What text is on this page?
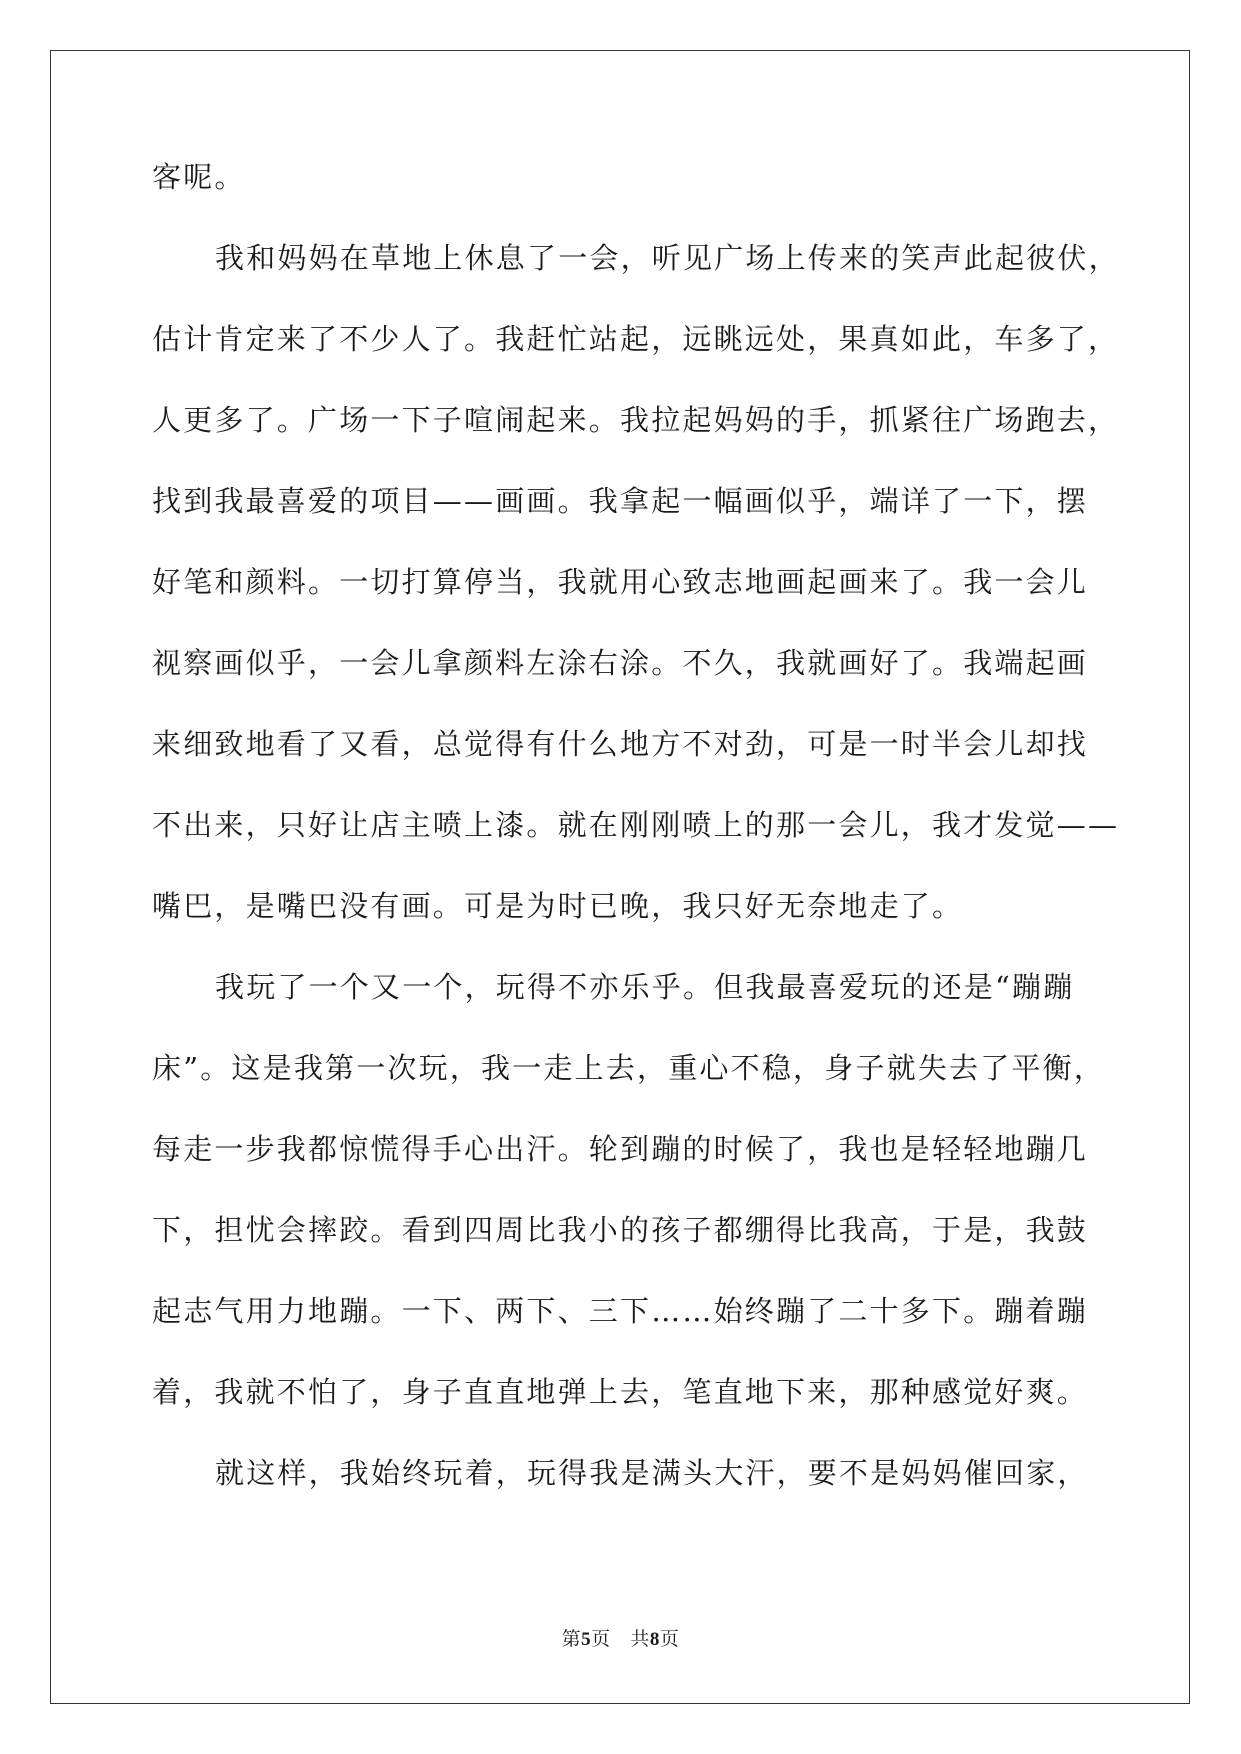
客呢。
我和妈妈在草地上休息了一会，听见广场上传来的笑声此起彼伏，
估计肯定来了不少人了。我赶忙站起，远眺远处，果真如此，车多了，
人更多了。广场一下子喧闹起来。我拉起妈妈的手，抓紧往广场跑去，
找到我最喜爱的项目——画画。我拿起一幅画似乎，端详了一下，摆
好笔和颜料。一切打算停当，我就用心致志地画起画来了。我一会儿
视察画似乎，一会儿拿颜料左涂右涂。不久，我就画好了。我端起画
来细致地看了又看，总觉得有什么地方不对劲，可是一时半会儿却找
不出来，只好让店主喷上漆。就在刚刚喷上的那一会儿，我才发觉——
嘴巴，是嘴巴没有画。可是为时已晚，我只好无奈地走了。
我玩了一个又一个，玩得不亦乐乎。但我最喜爱玩的还是“蹦蹦
床”。这是我第一次玩，我一走上去，重心不稳，身子就失去了平衡，
每走一步我都惊慌得手心出汗。轮到蹦的时候了，我也是轻轻地蹦几
下，担忧会摔跤。看到四周比我小的孩子都绷得比我高，于是，我鼓
起志气用力地蹦。一下、两下、三下……始终蹦了二十多下。蹦着蹦
着，我就不怕了，身子直直地弹上去，笔直地下来，那种感觉好爽。
就这样，我始终玩着，玩得我是满头大汗，要不是妈妈催回家，
第5页 共8页
